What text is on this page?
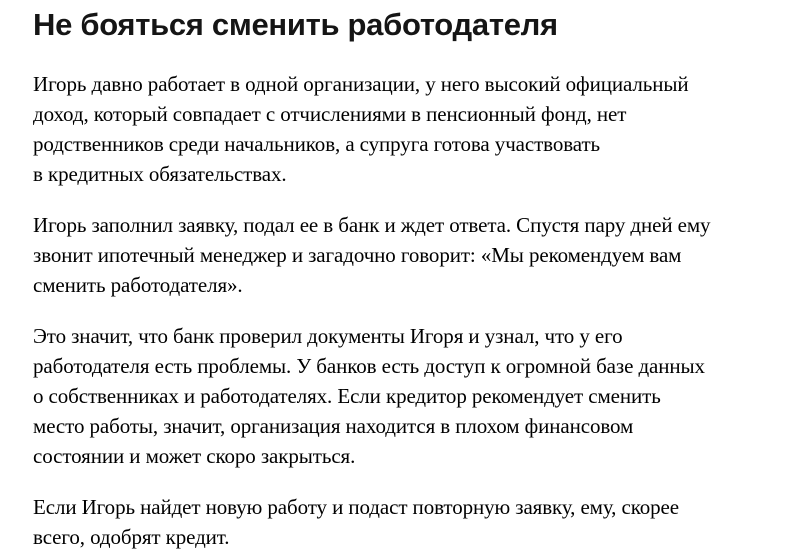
Не бояться сменить работодателя

Игорь давно работает в одной организации, у него высокий официальный
доход, который совпадает с отчислениями в пенсионный фонд, нет
родственников среди начальников, а супруга готова участвовать
в кредитных обязательствах.

Игорь заполнил заявку, подал ее в банк и ждет ответа. Спустя пару дней ему
звонит ипотечный менеджер и загадочно говорит: «Мы рекомендуем вам
сменить работодателя».

Это значит, что банк проверил документы Игоря и узнал, что у его
работодателя есть проблемы. У банков есть доступ к огромной базе данных
о собственниках и работодателях. Если кредитор рекомендует сменить
место работы, значит, организация находится в плохом финансовом
состоянии и может скоро закрыться.

Если Игорь найдет новую работу и подаст повторную заявку, ему, скорее
всего, одобрят кредит.
